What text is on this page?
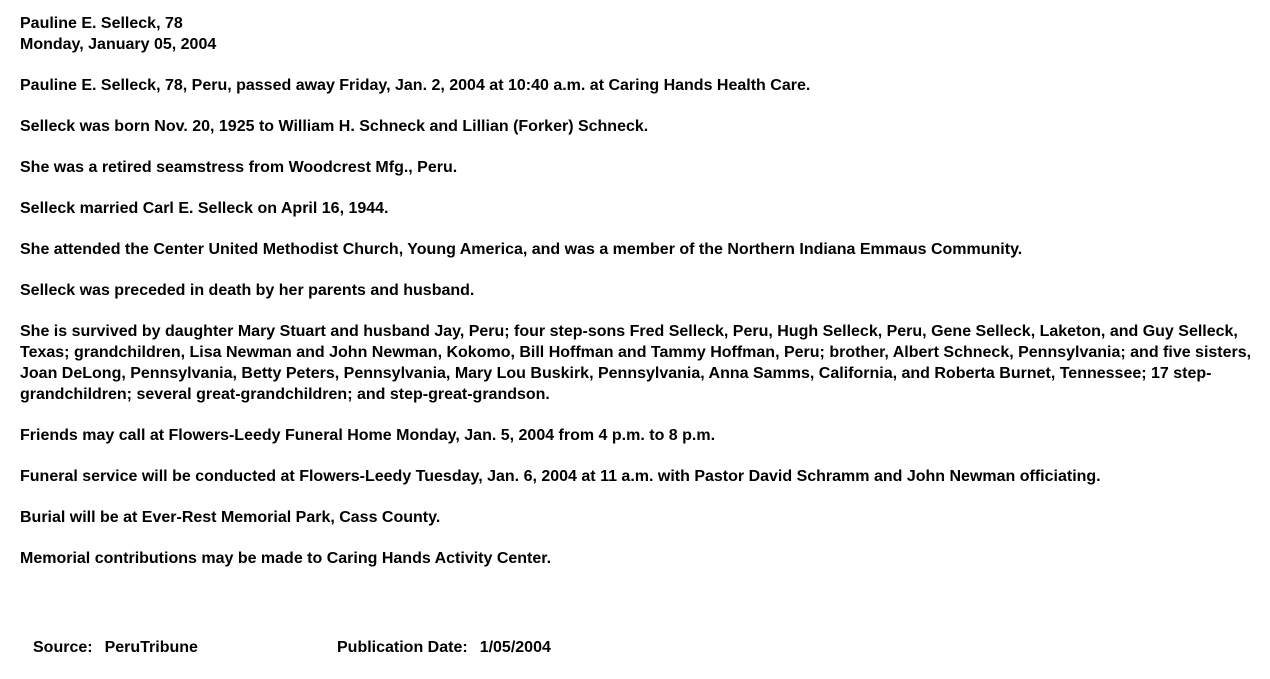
Pauline E. Selleck, 78
Monday, January 05, 2004

Pauline E. Selleck, 78, Peru, passed away Friday, Jan. 2, 2004 at 10:40 a.m. at Caring Hands Health Care.

Selleck was born Nov. 20, 1925 to William H. Schneck and Lillian (Forker) Schneck.

She was a retired seamstress from Woodcrest Mfg., Peru.

Selleck married Carl E. Selleck on April 16, 1944.

She attended the Center United Methodist Church, Young America, and was a member of the Northern Indiana Emmaus Community.

Selleck was preceded in death by her parents and husband.

She is survived by daughter Mary Stuart and husband Jay, Peru; four step-sons Fred Selleck, Peru, Hugh Selleck, Peru, Gene Selleck, Laketon, and Guy Selleck, Texas; grandchildren, Lisa Newman and John Newman, Kokomo, Bill Hoffman and Tammy Hoffman, Peru; brother, Albert Schneck, Pennsylvania; and five sisters, Joan DeLong, Pennsylvania, Betty Peters, Pennsylvania, Mary Lou Buskirk, Pennsylvania, Anna Samms, California, and Roberta Burnet, Tennessee; 17 step-grandchildren; several great-grandchildren; and step-great-grandson.

Friends may call at Flowers-Leedy Funeral Home Monday, Jan. 5, 2004 from 4 p.m. to 8 p.m.

Funeral service will be conducted at Flowers-Leedy Tuesday, Jan. 6, 2004 at 11 a.m. with Pastor David Schramm and John Newman officiating.

Burial will be at Ever-Rest Memorial Park, Cass County.

Memorial contributions may be made to Caring Hands Activity Center.

Source: PeruTribune	Publication Date: 1/05/2004
